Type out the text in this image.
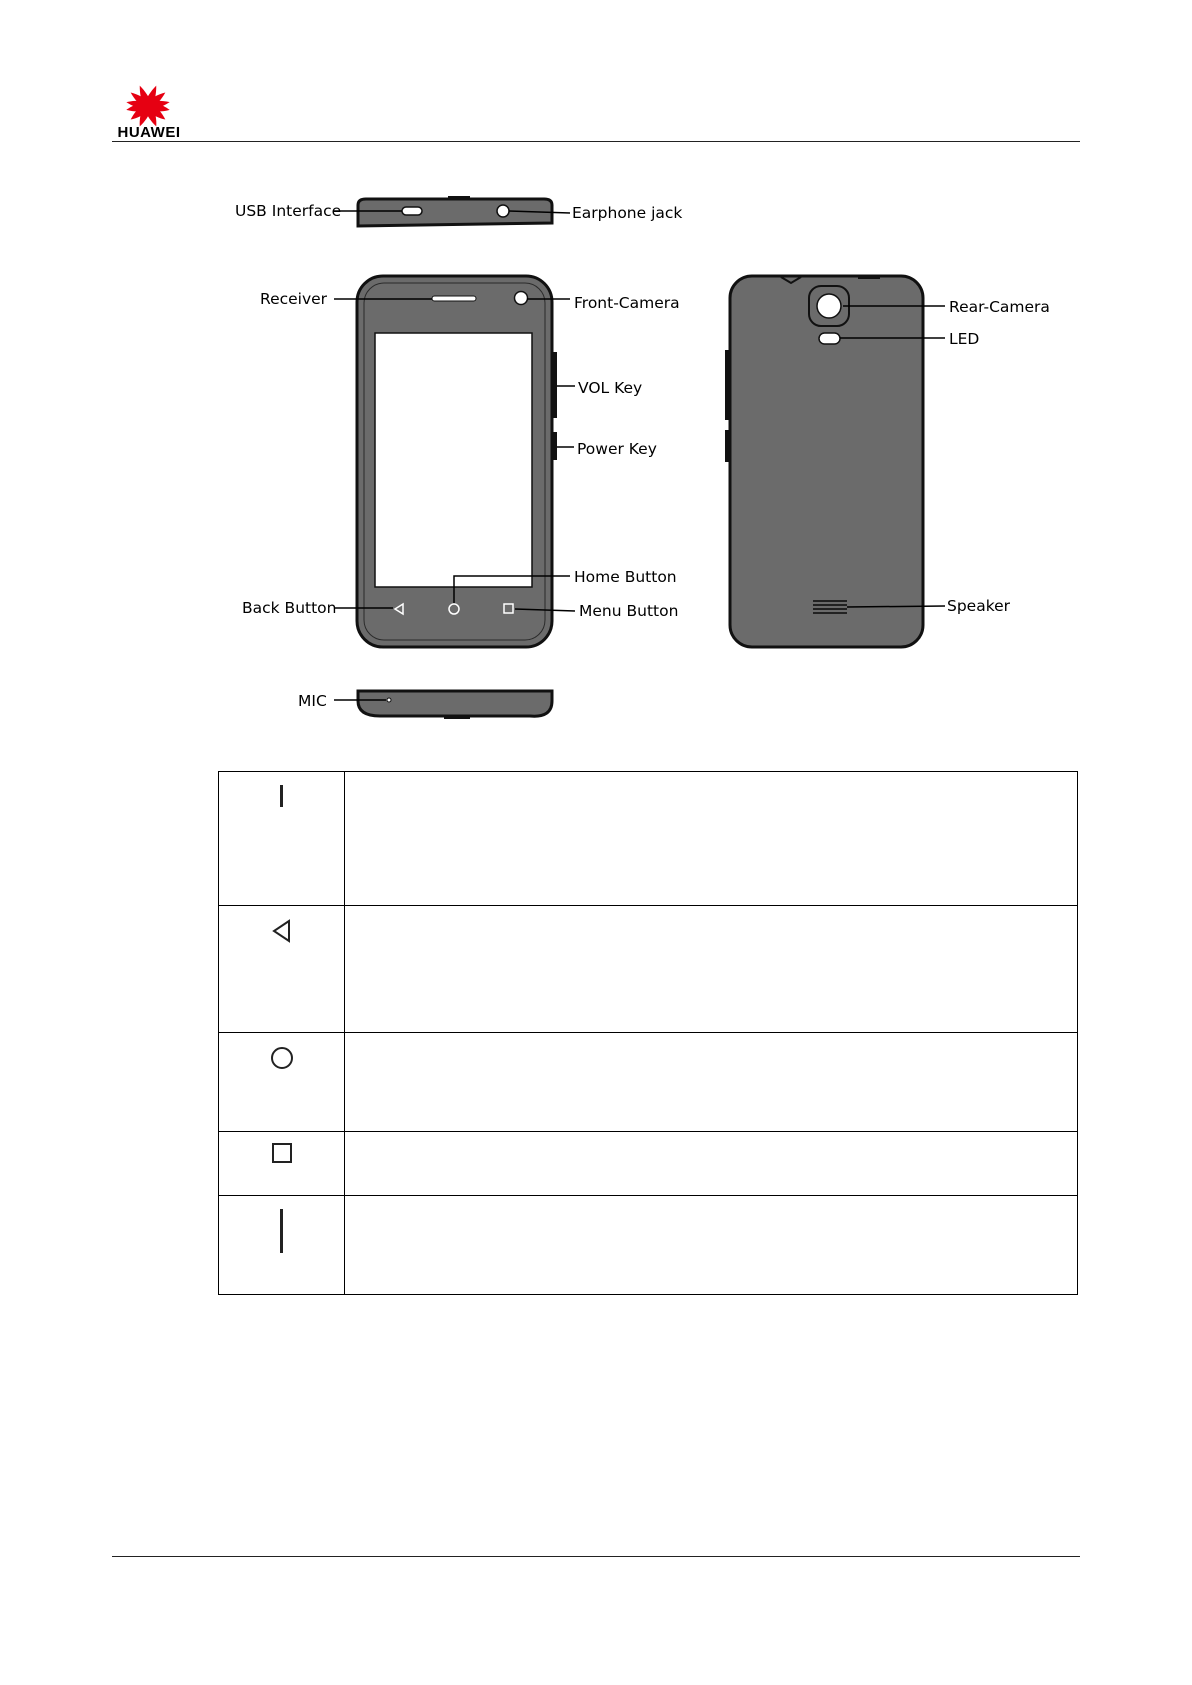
HUAWEI
USB Interface	Earphone jack
Receiver	Front-Camera
VOL Key
Power Key
Home Button
Back Button	Menu Button
MIC
Rear-Camera
LED
Speaker
